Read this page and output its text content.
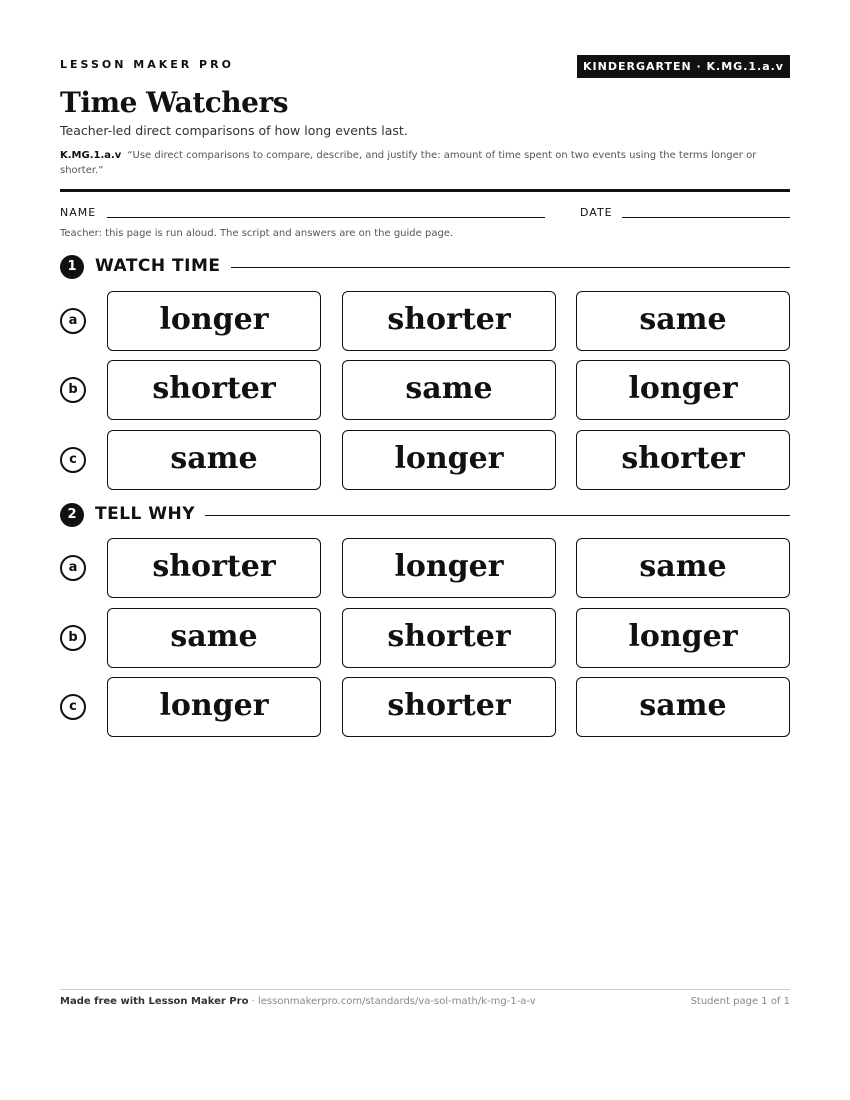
LESSON MAKER PRO	KINDERGARTEN · K.MG.1.a.v
Time Watchers
Teacher-led direct comparisons of how long events last.
K.MG.1.a.v “Use direct comparisons to compare, describe, and justify the: amount of time spent on two events using the terms longer or shorter.”
NAME	DATE
Teacher: this page is run aloud. The script and answers are on the guide page.
1	WATCH TIME
a	longer	shorter	same
b	shorter	same	longer
c	same	longer	shorter
2	TELL WHY
a	shorter	longer	same
b	same	shorter	longer
c	longer	shorter	same
Made free with Lesson Maker Pro · lessonmakerpro.com/standards/va-sol-math/k-mg-1-a-v	Student page 1 of 1
